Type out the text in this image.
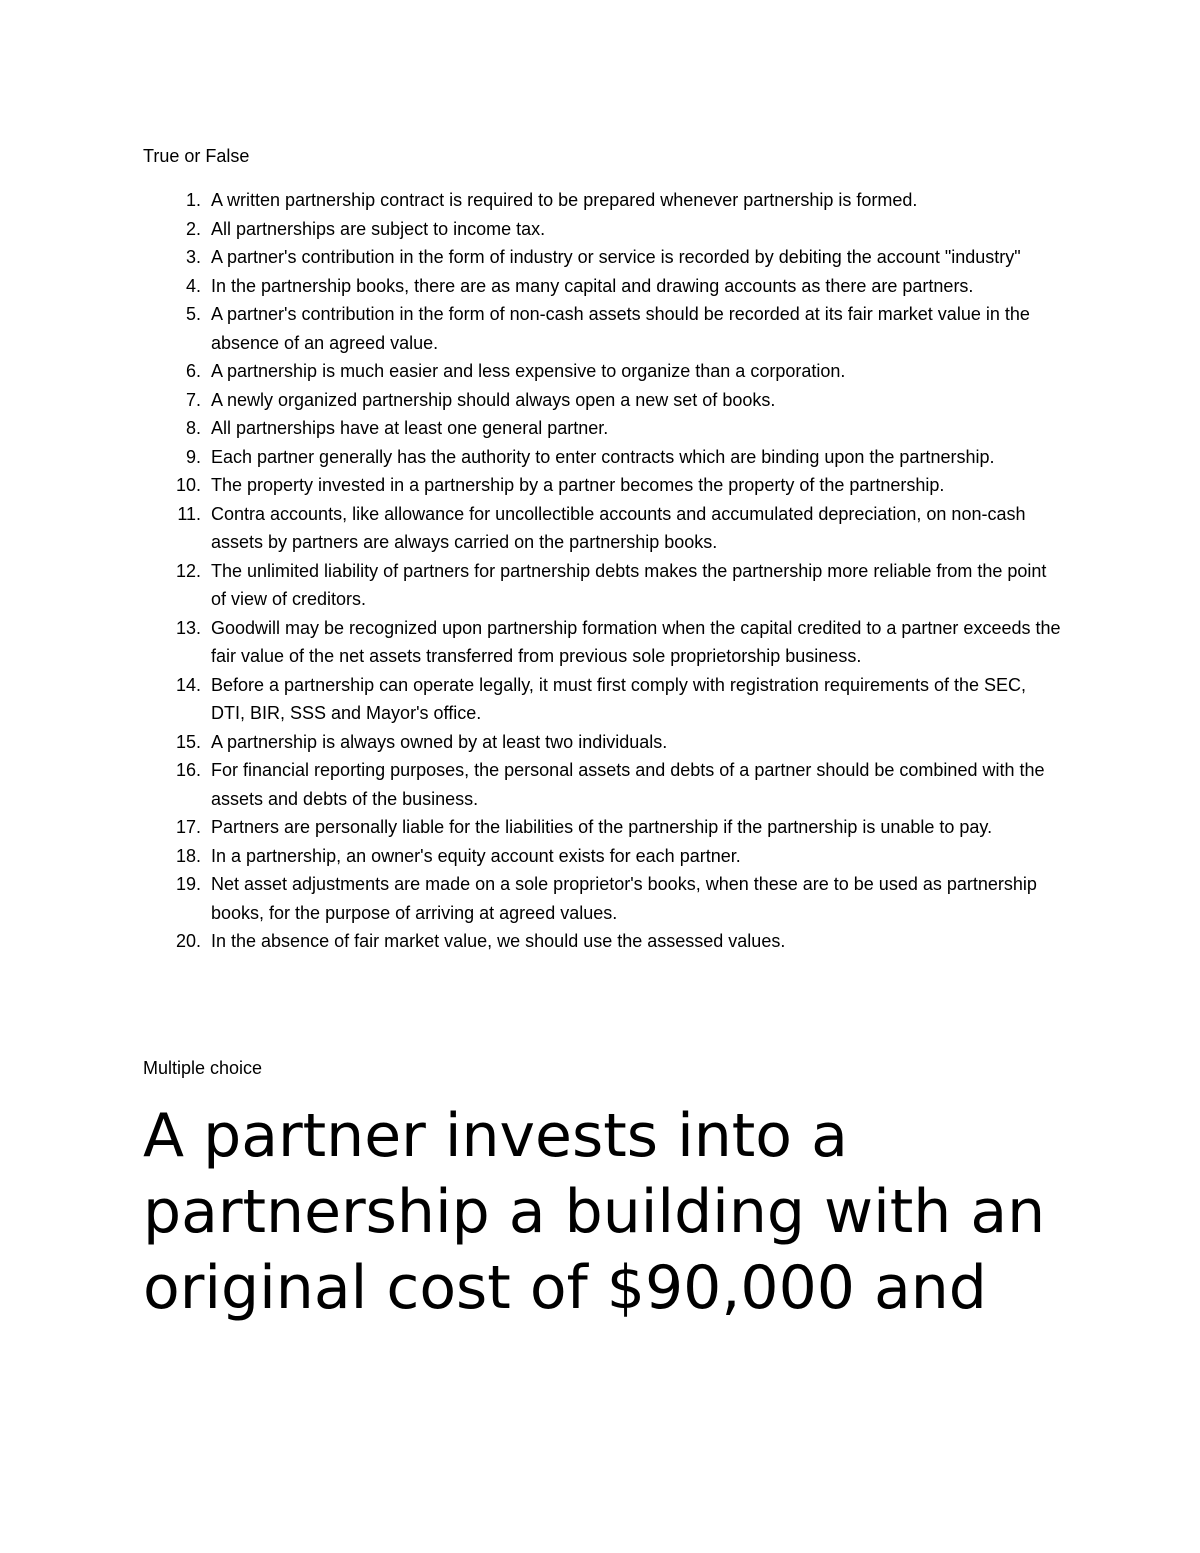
True or False

1. A written partnership contract is required to be prepared whenever partnership is formed.
2. All partnerships are subject to income tax.
3. A partner's contribution in the form of industry or service is recorded by debiting the account "industry"
4. In the partnership books, there are as many capital and drawing accounts as there are partners.
5. A partner's contribution in the form of non-cash assets should be recorded at its fair market value in the absence of an agreed value.
6. A partnership is much easier and less expensive to organize than a corporation.
7. A newly organized partnership should always open a new set of books.
8. All partnerships have at least one general partner.
9. Each partner generally has the authority to enter contracts which are binding upon the partnership.
10. The property invested in a partnership by a partner becomes the property of the partnership.
11. Contra accounts, like allowance for uncollectible accounts and accumulated depreciation, on non-cash assets by partners are always carried on the partnership books.
12. The unlimited liability of partners for partnership debts makes the partnership more reliable from the point of view of creditors.
13. Goodwill may be recognized upon partnership formation when the capital credited to a partner exceeds the fair value of the net assets transferred from previous sole proprietorship business.
14. Before a partnership can operate legally, it must first comply with registration requirements of the SEC, DTI, BIR, SSS and Mayor's office.
15. A partnership is always owned by at least two individuals.
16. For financial reporting purposes, the personal assets and debts of a partner should be combined with the assets and debts of the business.
17. Partners are personally liable for the liabilities of the partnership if the partnership is unable to pay.
18. In a partnership, an owner's equity account exists for each partner.
19. Net asset adjustments are made on a sole proprietor's books, when these are to be used as partnership books, for the purpose of arriving at agreed values.
20. In the absence of fair market value, we should use the assessed values.

Multiple choice

A partner invests into a partnership a building with an original cost of $90,000 and
